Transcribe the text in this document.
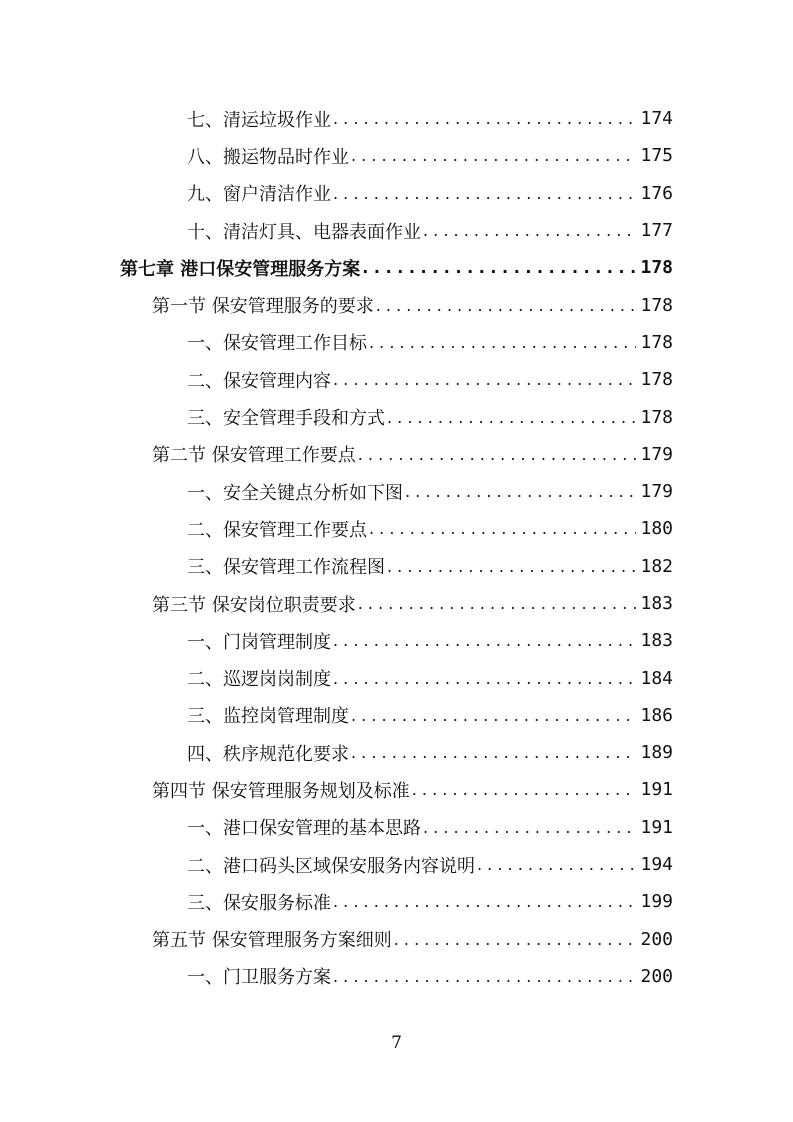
七、清运垃圾作业 . . .	174
八、搬运物品时作业 . . .	175
九、窗户清洁作业 . . .	176
十、清洁灯具、电器表面作业 . . .	177
第七章 港口保安管理服务方案 . . .	178
第一节 保安管理服务的要求 . . .	178
一、保安管理工作目标 . . .	178
二、保安管理内容 . . .	178
三、安全管理手段和方式 . . .	178
第二节 保安管理工作要点 . . .	179
一、安全关键点分析如下图 . . .	179
二、保安管理工作要点 . . .	180
三、保安管理工作流程图 . . .	182
第三节 保安岗位职责要求 . . .	183
一、门岗管理制度 . . .	183
二、巡逻岗岗制度 . . .	184
三、监控岗管理制度 . . .	186
四、秩序规范化要求 . . .	189
第四节 保安管理服务规划及标准 . . .	191
一、港口保安管理的基本思路 . . .	191
二、港口码头区域保安服务内容说明 . . .	194
三、保安服务标准 . . .	199
第五节 保安管理服务方案细则 . . .	200
一、门卫服务方案 . . .	200
7
